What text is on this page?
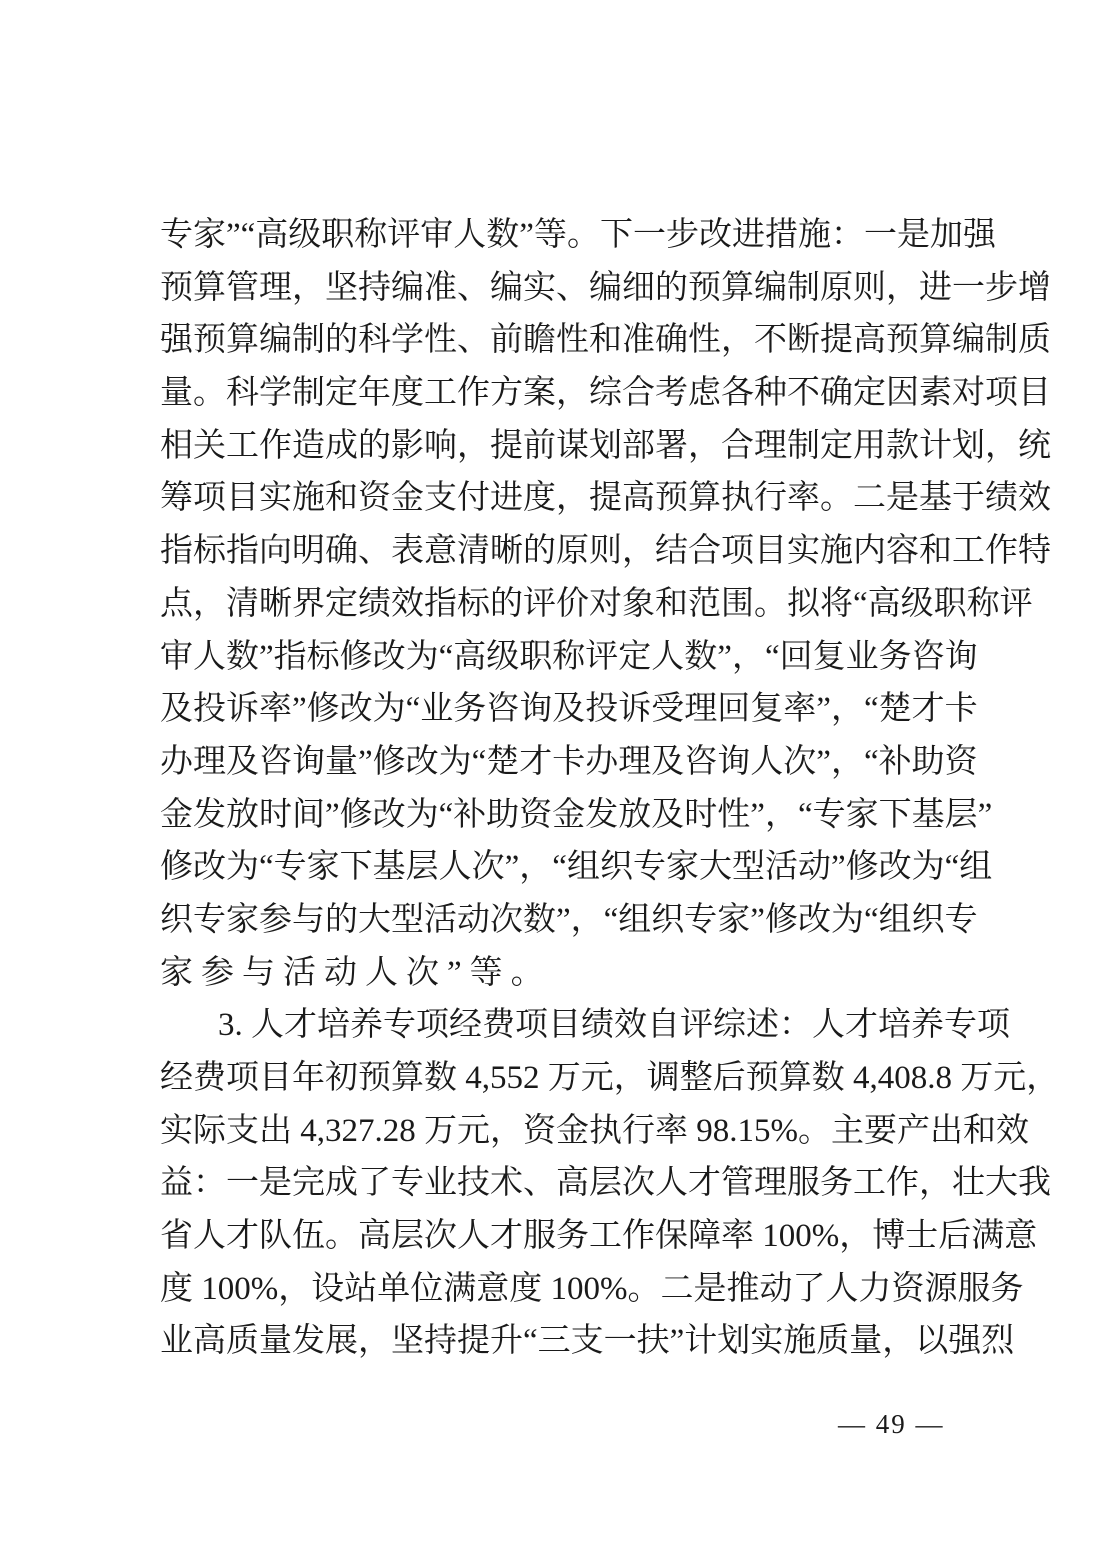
专家”“高级职称评审人数”等。下一步改进措施：一是加强
预算管理，坚持编准、编实、编细的预算编制原则，进一步增
强预算编制的科学性、前瞻性和准确性，不断提高预算编制质
量。科学制定年度工作方案，综合考虑各种不确定因素对项目
相关工作造成的影响，提前谋划部署，合理制定用款计划，统
筹项目实施和资金支付进度，提高预算执行率。二是基于绩效
指标指向明确、表意清晰的原则，结合项目实施内容和工作特
点，清晰界定绩效指标的评价对象和范围。拟将“高级职称评
审人数”指标修改为“高级职称评定人数”，“回复业务咨询
及投诉率”修改为“业务咨询及投诉受理回复率”，“楚才卡
办理及咨询量”修改为“楚才卡办理及咨询人次”，“补助资
金发放时间”修改为“补助资金发放及时性”，“专家下基层”
修改为“专家下基层人次”，“组织专家大型活动”修改为“组
织专家参与的大型活动次数”，“组织专家”修改为“组织专
家参与活动人次”等。
3. 人才培养专项经费项目绩效自评综述：人才培养专项
经费项目年初预算数 4,552 万元，调整后预算数 4,408.8 万元，
实际支出 4,327.28 万元，资金执行率 98.15%。主要产出和效
益：一是完成了专业技术、高层次人才管理服务工作，壮大我
省人才队伍。高层次人才服务工作保障率 100%，博士后满意
度 100%，设站单位满意度 100%。二是推动了人力资源服务
业高质量发展，坚持提升“三支一扶”计划实施质量，以强烈
— 49 —
